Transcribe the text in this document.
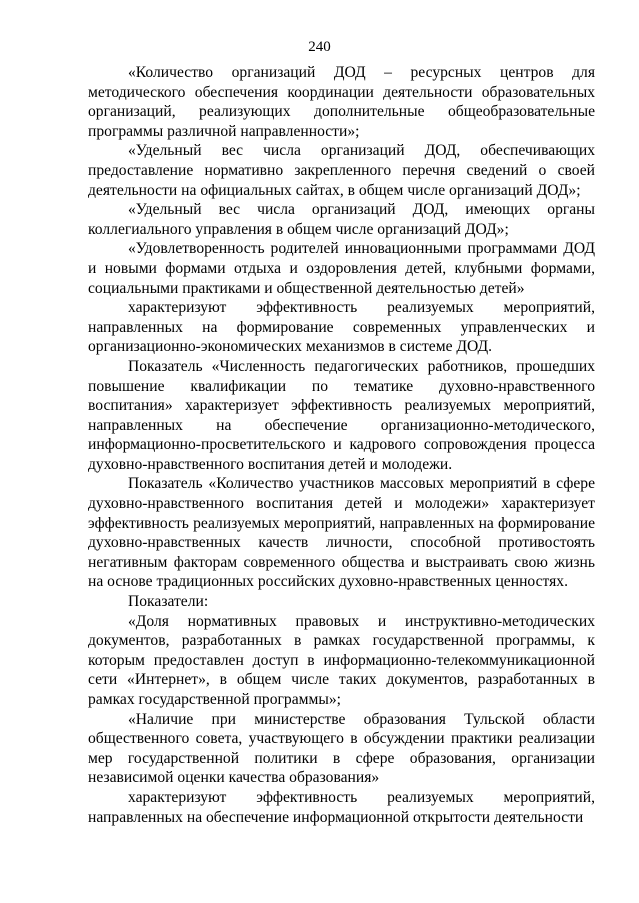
240

«Количество организаций ДОД – ресурсных центров для методического обеспечения координации деятельности образовательных организаций, реализующих дополнительные общеобразовательные программы различной направленности»;

«Удельный вес числа организаций ДОД, обеспечивающих предоставление нормативно закрепленного перечня сведений о своей деятельности на официальных сайтах, в общем числе организаций ДОД»;

«Удельный вес числа организаций ДОД, имеющих органы коллегиального управления в общем числе организаций ДОД»;

«Удовлетворенность родителей инновационными программами ДОД и новыми формами отдыха и оздоровления детей, клубными формами, социальными практиками и общественной деятельностью детей»

характеризуют эффективность реализуемых мероприятий, направленных на формирование современных управленческих и организационно-экономических механизмов в системе ДОД.

Показатель «Численность педагогических работников, прошедших повышение квалификации по тематике духовно-нравственного воспитания» характеризует эффективность реализуемых мероприятий, направленных на обеспечение организационно-методического, информационно-просветительского и кадрового сопровождения процесса духовно-нравственного воспитания детей и молодежи.

Показатель «Количество участников массовых мероприятий в сфере духовно-нравственного воспитания детей и молодежи» характеризует эффективность реализуемых мероприятий, направленных на формирование духовно-нравственных качеств личности, способной противостоять негативным факторам современного общества и выстраивать свою жизнь на основе традиционных российских духовно-нравственных ценностях.

Показатели:

«Доля нормативных правовых и инструктивно-методических документов, разработанных в рамках государственной программы, к которым предоставлен доступ в информационно-телекоммуникационной сети «Интернет», в общем числе таких документов, разработанных в рамках государственной программы»;

«Наличие при министерстве образования Тульской области общественного совета, участвующего в обсуждении практики реализации мер государственной политики в сфере образования, организации независимой оценки качества образования»

характеризуют эффективность реализуемых мероприятий, направленных на обеспечение информационной открытости деятельности
